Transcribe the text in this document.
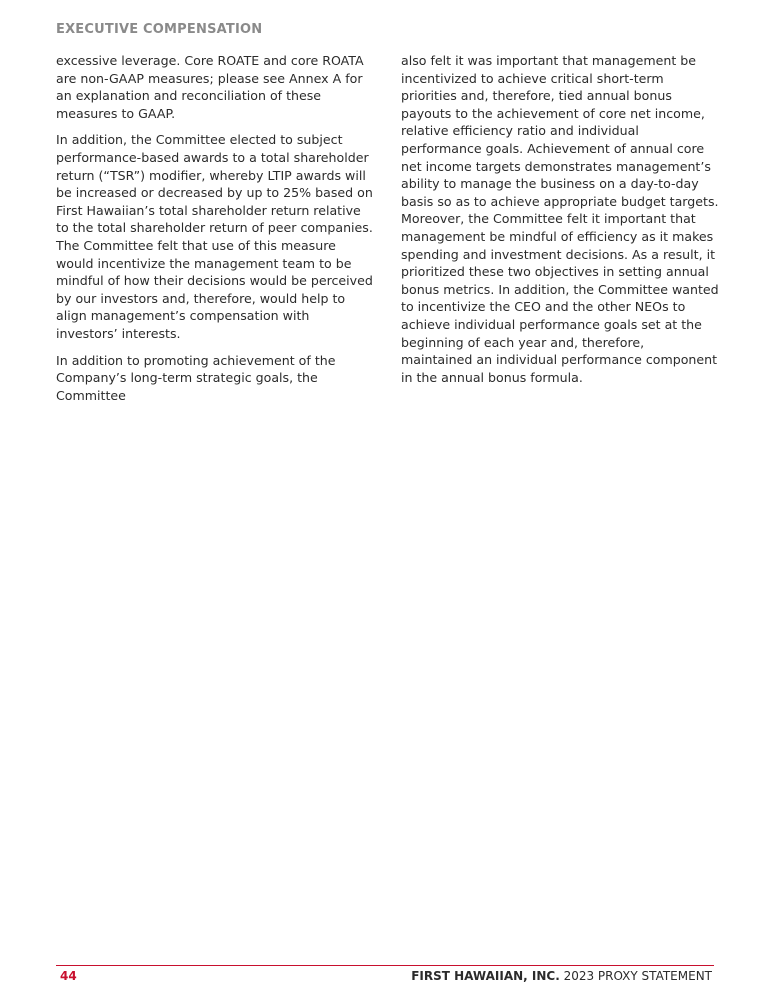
EXECUTIVE COMPENSATION

excessive leverage. Core ROATE and core ROATA are non-GAAP measures; please see Annex A for an explanation and reconciliation of these measures to GAAP.

In addition, the Committee elected to subject performance-based awards to a total shareholder return (“TSR”) modifier, whereby LTIP awards will be increased or decreased by up to 25% based on First Hawaiian’s total shareholder return relative to the total shareholder return of peer companies. The Committee felt that use of this measure would incentivize the management team to be mindful of how their decisions would be perceived by our investors and, therefore, would help to align management’s compensation with investors’ interests.

In addition to promoting achievement of the Company’s long-term strategic goals, the Committee

also felt it was important that management be incentivized to achieve critical short-term priorities and, therefore, tied annual bonus payouts to the achievement of core net income, relative efficiency ratio and individual performance goals. Achievement of annual core net income targets demonstrates management’s ability to manage the business on a day-to-day basis so as to achieve appropriate budget targets. Moreover, the Committee felt it important that management be mindful of efficiency as it makes spending and investment decisions. As a result, it prioritized these two objectives in setting annual bonus metrics. In addition, the Committee wanted to incentivize the CEO and the other NEOs to achieve individual performance goals set at the beginning of each year and, therefore, maintained an individual performance component in the annual bonus formula.

44	FIRST HAWAIIAN, INC. 2023 PROXY STATEMENT
